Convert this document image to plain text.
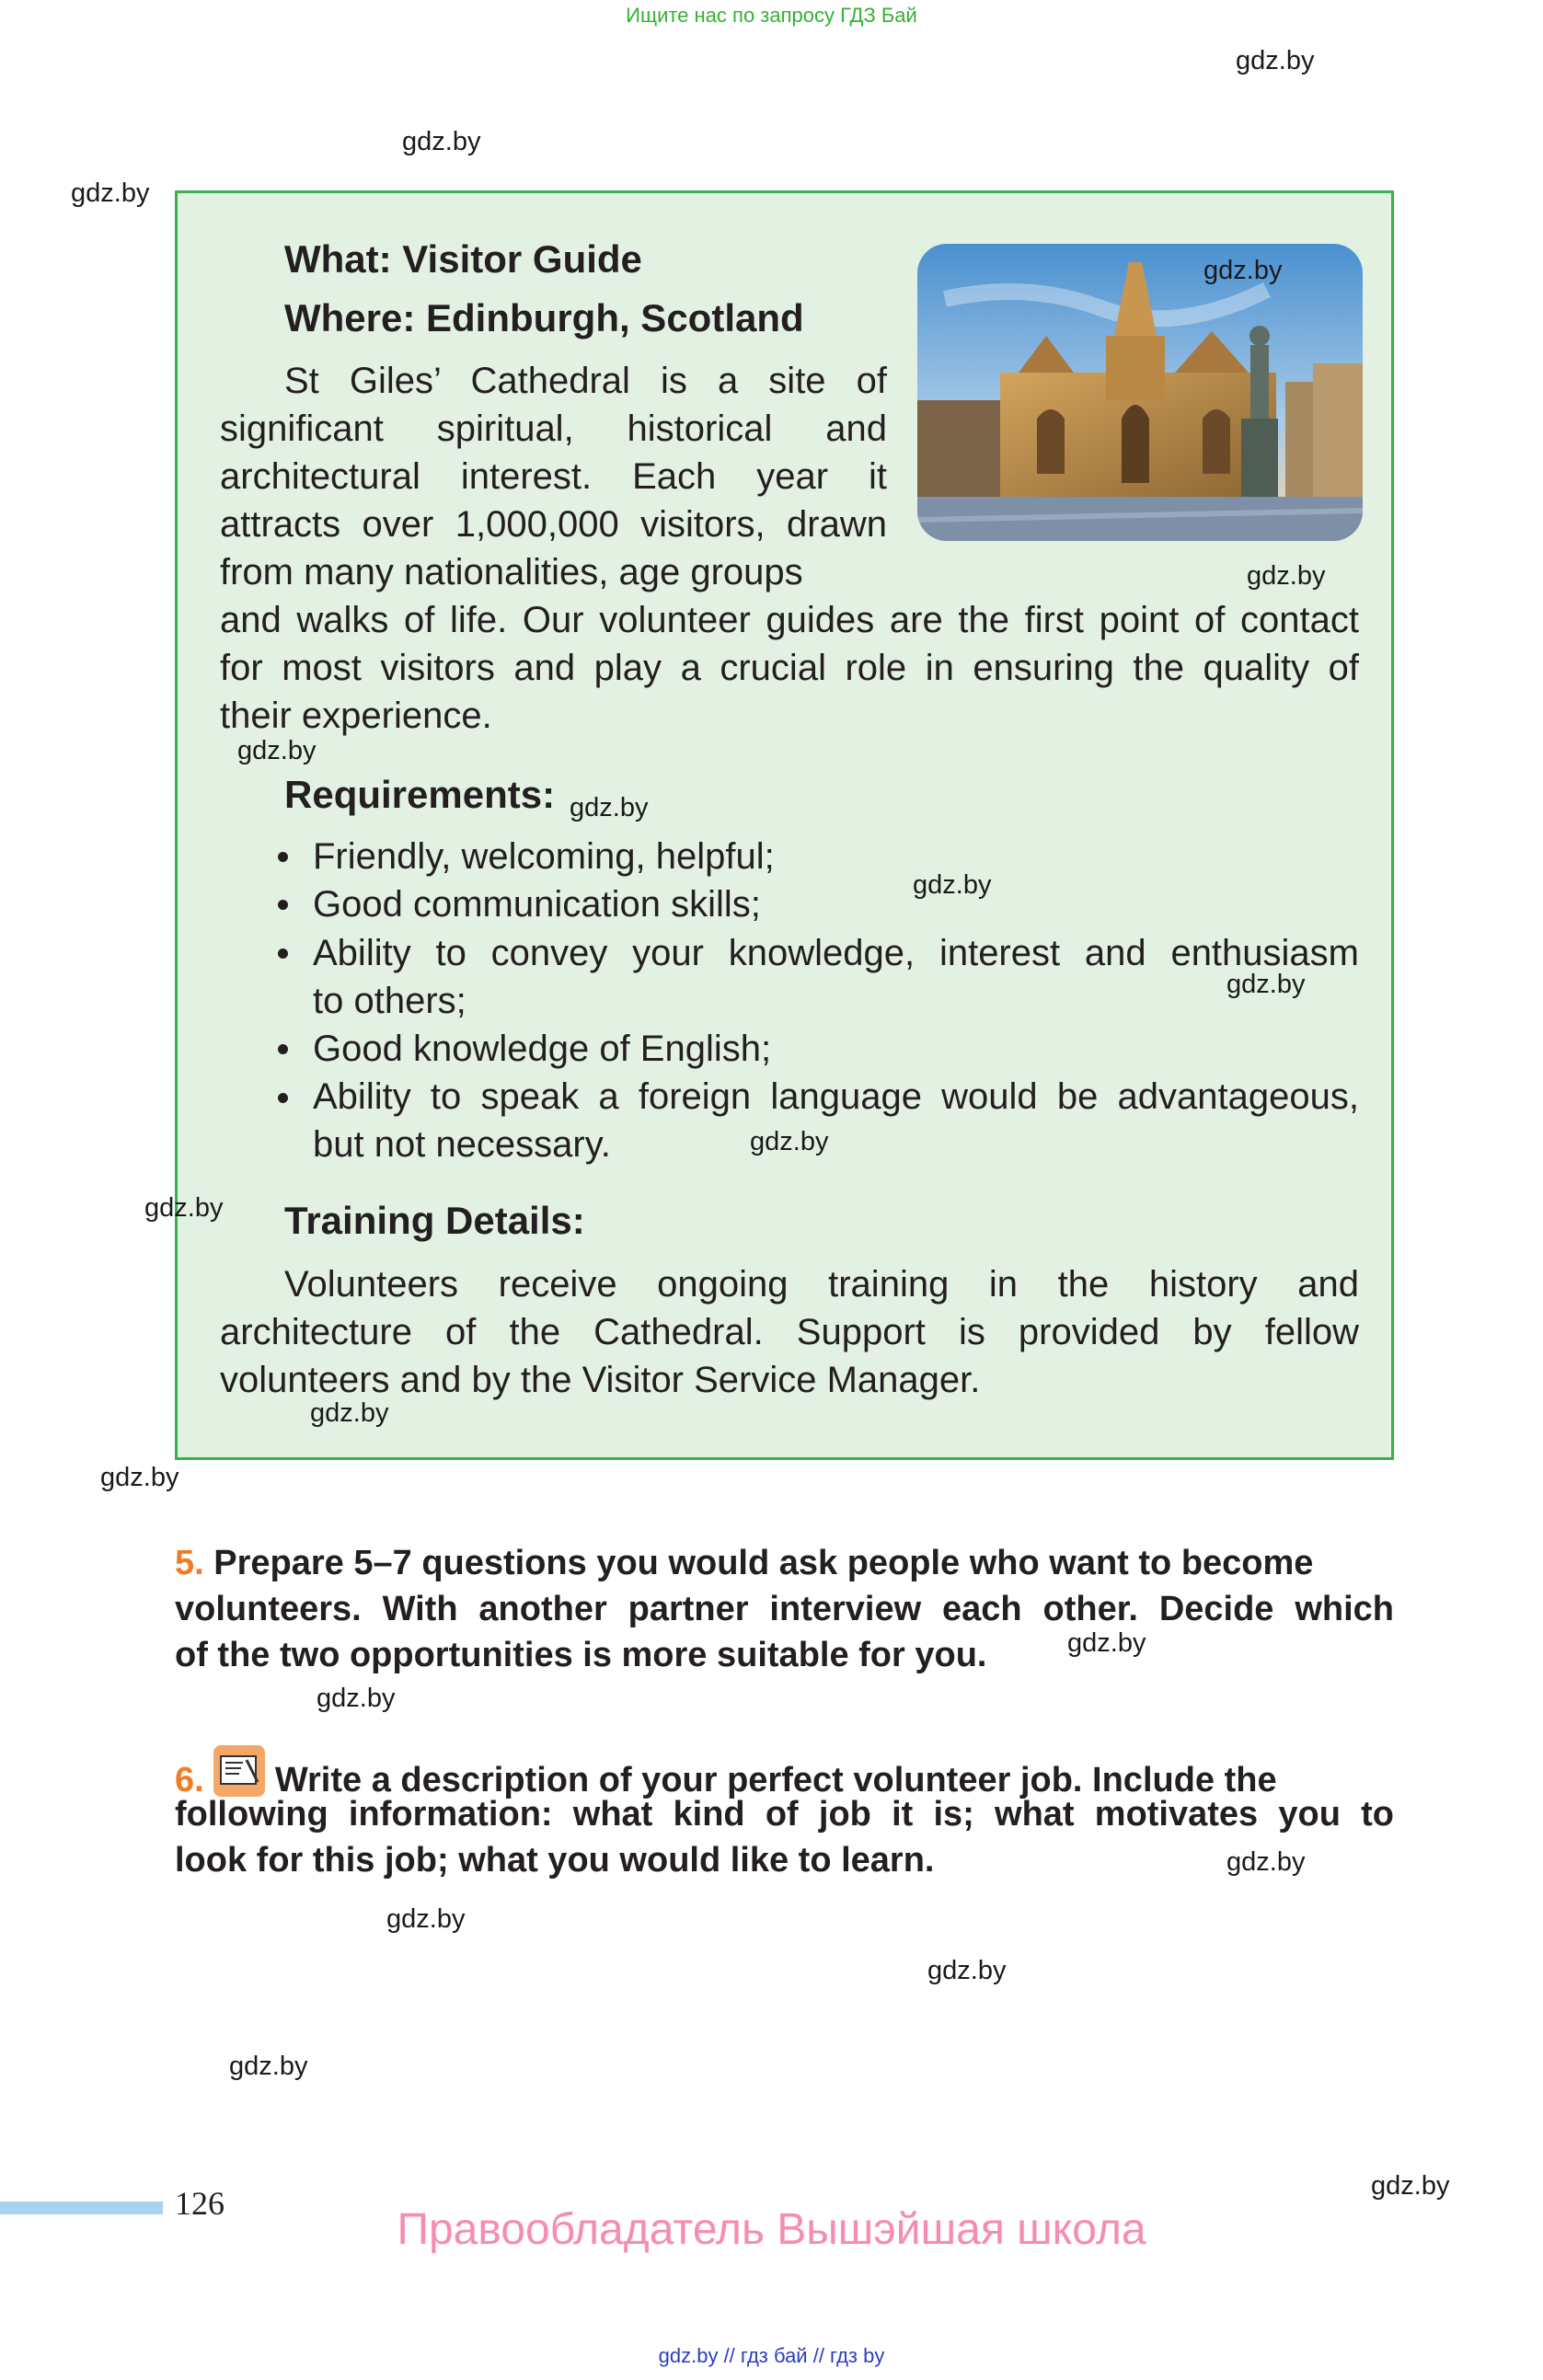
Ищите нас по запросу ГДЗ Бай
gdz.by
gdz.by
gdz.by
What: Visitor Guide
Where: Edinburgh, Scotland
gdz.by
St Giles’ Cathedral is a site of
significant spiritual, historical and
architectural interest. Each year it
attracts over 1,000,000 visitors, drawn
from many nationalities, age groups	gdz.by
and walks of life. Our volunteer guides are the first point of contact
for most visitors and play a crucial role in ensuring the quality of
their experience.
gdz.by
Requirements: gdz.by
Friendly, welcoming, helpful;
gdz.by
Good communication skills;
Ability to convey your knowledge, interest and enthusiasm
to others;	gdz.by
Good knowledge of English;
Ability to speak a foreign language would be advantageous,
but not necessary.	gdz.by
gdz.by Training Details:
Volunteers receive ongoing training in the history and
architecture of the Cathedral. Support is provided by fellow
volunteers and by the Visitor Service Manager.
gdz.by
gdz.by
5. Prepare 5–7 questions you would ask people who want to become
volunteers. With another partner interview each other. Decide which
of the two opportunities is more suitable for you.	gdz.by
gdz.by
6. Write a description of your perfect volunteer job. Include the
following information: what kind of job it is; what motivates you to
look for this job; what you would like to learn.	gdz.by
gdz.by
gdz.by
gdz.by
126	gdz.by
Правообладатель Вышэйшая школа
gdz.by // гдз бай // гдз by
